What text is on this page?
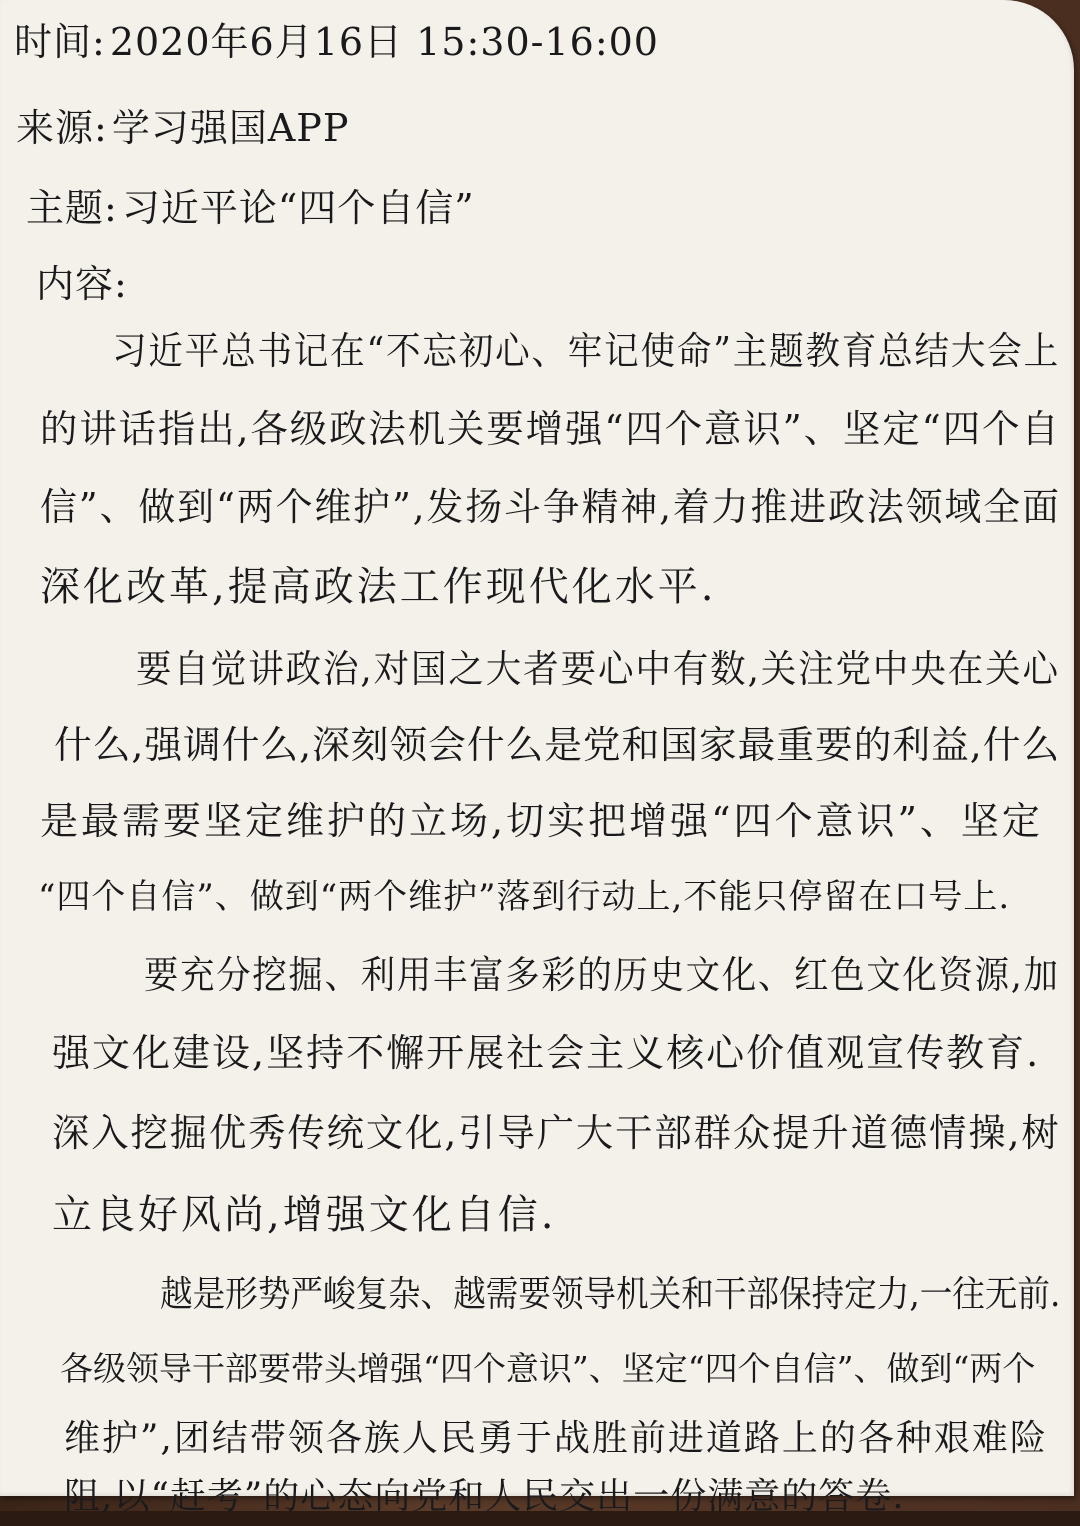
时间: 2020年6月16日 15:30-16:00
来源: 学习强国APP
主题: 习近平论“四个自信”
内容:
习近平总书记在“不忘初心、牢记使命”主题教育总结大会上
的讲话指出,各级政法机关要增强“四个意识”、坚定“四个自
信”、做到“两个维护”,发扬斗争精神,着力推进政法领域全面
深化改革,提高政法工作现代化水平.
要自觉讲政治,对国之大者要心中有数,关注党中央在关心
什么,强调什么,深刻领会什么是党和国家最重要的利益,什么
是最需要坚定维护的立场,切实把增强“四个意识”、坚定
“四个自信”、做到“两个维护”落到行动上,不能只停留在口号上.
要充分挖掘、利用丰富多彩的历史文化、红色文化资源,加
强文化建设,坚持不懈开展社会主义核心价值观宣传教育.
深入挖掘优秀传统文化,引导广大干部群众提升道德情操,树
立良好风尚,增强文化自信.
越是形势严峻复杂、越需要领导机关和干部保持定力,一往无前.
各级领导干部要带头增强“四个意识”、坚定“四个自信”、做到“两个
维护”,团结带领各族人民勇于战胜前进道路上的各种艰难险
阻,以“赶考”的心态向党和人民交出一份满意的答卷.
